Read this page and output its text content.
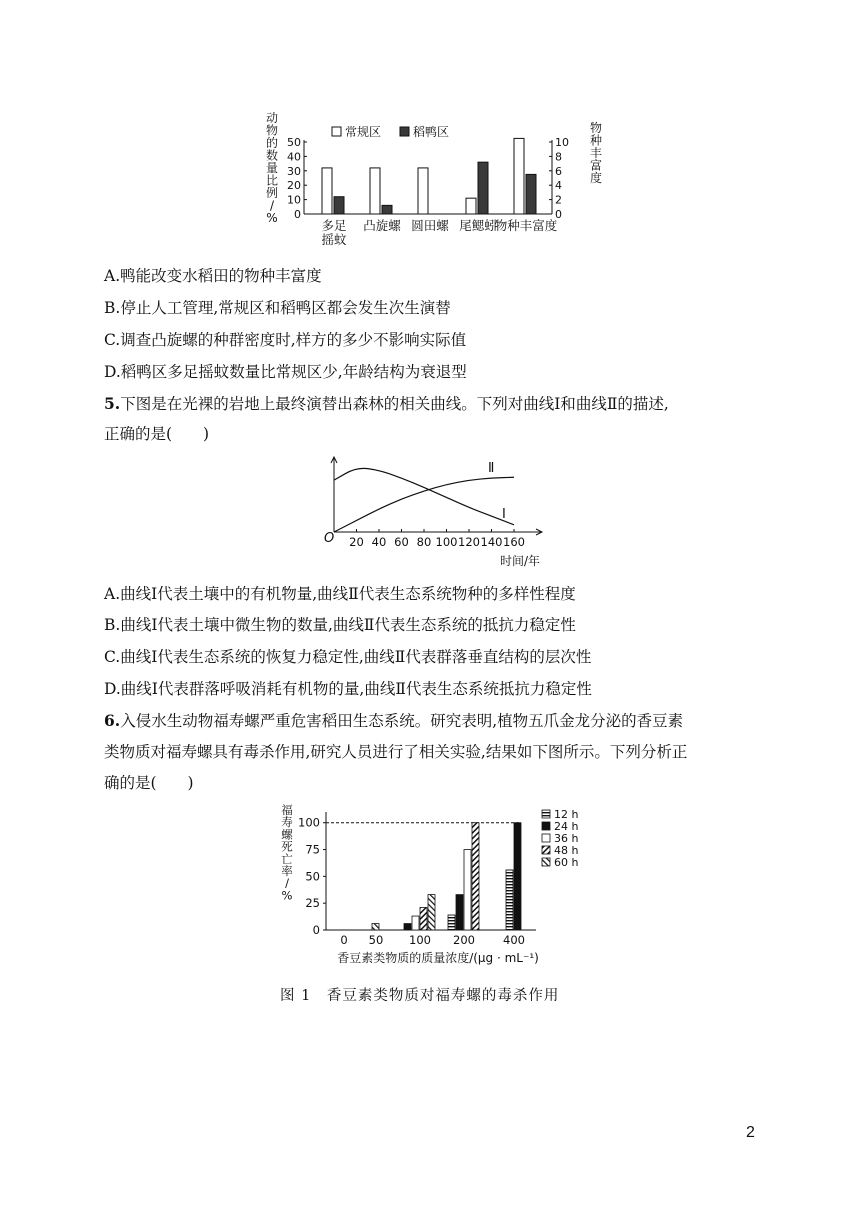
动
物
的
数
量
比
例
/
%
物
种
丰
富
度
0
10
20
30
40
50
0
2
4
6
8
10
常规区	稻鸭区
多足
摇蚊
凸旋螺 圆田螺 尾鳃蚓
物种丰富度
A.鸭能改变水稻田的物种丰富度
B.停止人工管理,常规区和稻鸭区都会发生次生演替
C.调查凸旋螺的种群密度时,样方的多少不影响实际值
D.稻鸭区多足摇蚊数量比常规区少,年龄结构为衰退型
5.下图是在光裸的岩地上最终演替出森林的相关曲线。下列对曲线Ⅰ和曲线Ⅱ的描述,
正确的是(　　)
O 20 40 60 80 100 120 140 160
时间/年
Ⅰ
Ⅱ
A.曲线Ⅰ代表土壤中的有机物量,曲线Ⅱ代表生态系统物种的多样性程度
B.曲线Ⅰ代表土壤中微生物的数量,曲线Ⅱ代表生态系统的抵抗力稳定性
C.曲线Ⅰ代表生态系统的恢复力稳定性,曲线Ⅱ代表群落垂直结构的层次性
D.曲线Ⅰ代表群落呼吸消耗有机物的量,曲线Ⅱ代表生态系统抵抗力稳定性
6.入侵水生动物福寿螺严重危害稻田生态系统。研究表明,植物五爪金龙分泌的香豆素
类物质对福寿螺具有毒杀作用,研究人员进行了相关实验,结果如下图所示。下列分析正
确的是(　　)
福
寿
螺
死
亡
率
/
%
12 h
24 h
36 h
48 h
60 h
0
25
50
75
100
0 50 100 200 400
香豆素类物质的质量浓度/(μg · mL⁻¹)
图 1　香豆素类物质对福寿螺的毒杀作用
2
